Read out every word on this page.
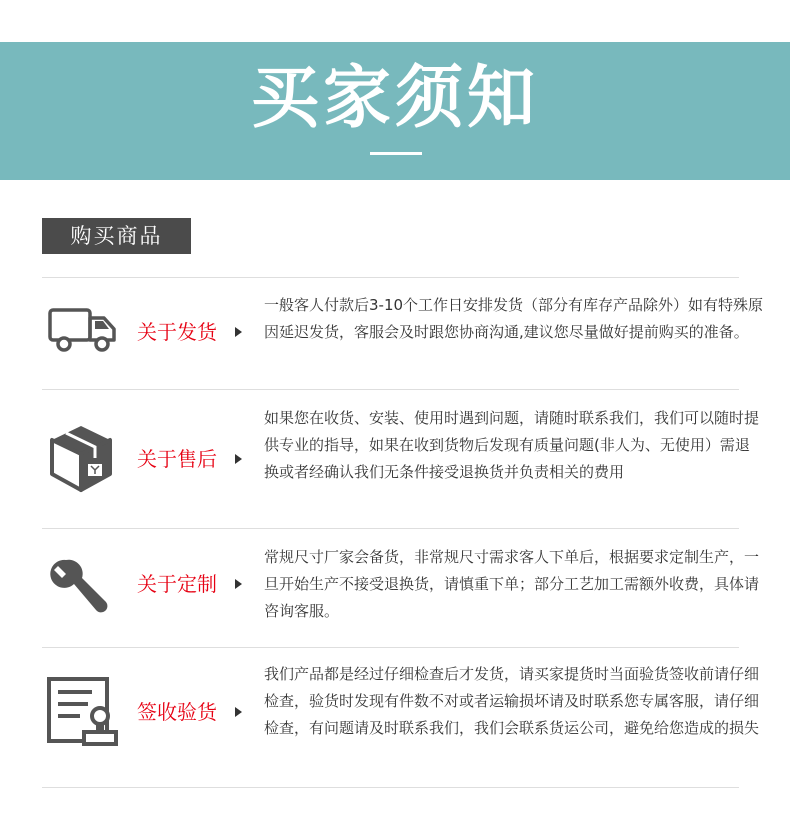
买家须知
购买商品
关于发货
一般客人付款后3-10个工作日安排发货（部分有库存产品除外）如有特殊原因延迟发货，客服会及时跟您协商沟通,建议您尽量做好提前购买的准备。
关于售后
如果您在收货、安装、使用时遇到问题，请随时联系我们，我们可以随时提供专业的指导，如果在收到货物后发现有质量问题(非人为、无使用）需退换或者经确认我们无条件接受退换货并负责相关的费用
关于定制
常规尺寸厂家会备货，非常规尺寸需求客人下单后，根据要求定制生产，一旦开始生产不接受退换货，请慎重下单；部分工艺加工需额外收费，具体请咨询客服。
签收验货
我们产品都是经过仔细检查后才发货，请买家提货时当面验货签收前请仔细检查，验货时发现有件数不对或者运输损坏请及时联系您专属客服，请仔细检查，有问题请及时联系我们，我们会联系货运公司，避免给您造成的损失
